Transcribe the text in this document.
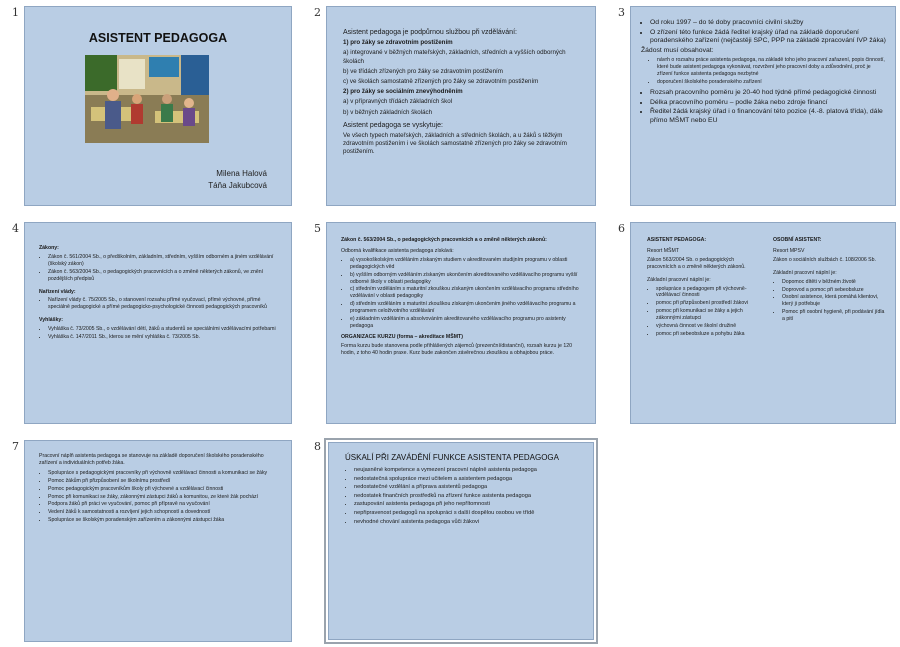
1	2	3
4	5	6
7	8
ASISTENT PEDAGOGA
Milena Halová
Táňa Jakubcová

Asistent pedagoga je podpůrnou službou při vzdělávání:

1) pro žáky se zdravotním postižením

a) integrované v běžných mateřských, základních, středních a vyšších odborných školách

b) ve třídách zřízených pro žáky se zdravotním postižením

c) ve školách samostatně zřízených pro žáky se zdravotním postižením

2) pro žáky se sociálním znevýhodněním

a) v přípravných třídách základních škol

b) v běžných základních školách

Asistent pedagoga se vyskytuje:

Ve všech typech mateřských, základních a středních školách, a u žáků s těžkým zdravotním postižením i ve školách samostatně zřízených pro žáky se zdravotním postižením.

• Od roku 1997 – do té doby pracovníci civilní služby
• O zřízení této funkce žádá ředitel krajský úřad na základě doporučení poradenského zařízení (nejčastěji SPC, PPP na základě zpracování IVP žáka)

Žádost musí obsahovat:

• návrh o rozsahu práce asistenta pedagoga, na základě toho jeho pracovní zařazení, popis činností, které bude asistent pedagoga vykonávat, rozvržení jeho pracovní doby a zdůvodnění, proč je zřízení funkce asistenta pedagoga nezbytné
• doporučení školského poradenského zařízení
• Rozsah pracovního poměru je 20-40 hod týdně přímé pedagogické činnosti
• Délka pracovního poměru – podle žáka nebo zdroje financí
• Ředitel žádá krajský úřad i o financování této pozice (4.-8. platová třída), dále přímo MŠMT nebo EU

Zákony:

• Zákon č. 561/2004 Sb., o předškolním, základním, středním, vyšším odborném a jiném vzdělávání (školský zákon)
• Zákon č. 563/2004 Sb., o pedagogických pracovnících a o změně některých zákonů, ve znění pozdějších předpisů

Nařízení vlády:

• Nařízení vlády č. 75/2005 Sb., o stanovení rozsahu přímé vyučovací, přímé výchovné, přímé speciálně pedagogické a přímé pedagogicko-psychologické činnosti pedagogických pracovníků

Vyhlášky:

• Vyhláška č. 73/2005 Sb., o vzdělávání dětí, žáků a studentů se speciálními vzdělávacími potřebami
• Vyhláška č. 147/2011 Sb., kterou se mění vyhláška č. 73/2005 Sb.

Zákon č. 563/2004 Sb., o pedagogických pracovnících a o změně některých zákonů:

Odborná kvalifikace asistenta pedagoga získává:

• a) vysokoškolským vzděláním získaným studiem v akreditovaném studijním programu v oblasti pedagogických věd
• b) vyšším odborným vzděláním získaným ukončením akreditovaného vzdělávacího programu vyšší odborné školy v oblasti pedagogiky
• c) středním vzděláním s maturitní zkouškou získaným ukončením vzdělávacího programu středního vzdělávání v oblasti pedagogiky
• d) středním vzděláním s maturitní zkouškou získaným ukončením jiného vzdělávacího programu a programem celoživotního vzdělávání
• e) základním vzděláním a absolvováním akreditovaného vzdělávacího programu pro asistenty pedagoga

ORGANIZACE KURZU (forma – akreditace MŠMT)

Forma kurzu bude stanovena podle přihlášených zájemců (prezenční/distanční), rozsah kurzu je 120 hodin, z toho 40 hodin praxe. Kurz bude zakončen závěrečnou zkouškou a obhajobou práce.

ASISTENT PEDAGOGA:

Resort MŠMT

Zákon 563/2004 Sb. o pedagogických pracovnících a o změně některých zákonů.

Základní pracovní náplní je:

• spolupráce s pedagogem při výchovně-vzdělávací činnosti
• pomoc při přizpůsobení prostředí žákovi
• pomoc při komunikaci se žáky a jejich zákonnými zástupci
• výchovná činnost ve školní družině
• pomoc při sebeobsluze a pohybu žáka

OSOBNÍ ASISTENT:

Resort MPSV

Zákon o sociálních službách č. 108/2006 Sb.

Základní pracovní náplní je:

• Dopomoc dítěti v běžném životě
• Doprovod a pomoc při sebeobsluze
• Osobní asistence, která pomáhá klientovi, který ji potřebuje
• Pomoc při osobní hygieně, při podávání jídla a pití

Pracovní náplň asistenta pedagoga se stanovuje na základě doporučení školského poradenského zařízení a individuálních potřeb žáka.

• Spolupráce s pedagogickými pracovníky při výchovně vzdělávací činnosti a komunikaci se žáky
• Pomoc žákům při přizpůsobení se školnímu prostředí
• Pomoc pedagogickým pracovníkům školy při výchovné a vzdělávací činnosti
• Pomoc při komunikaci se žáky, zákonnými zástupci žáků a komunitou, ze které žák pochází
• Podpora žáků při práci ve vyučování, pomoc při přípravě na vyučování
• Vedení žáků k samostatnosti a rozvíjení jejich schopností a dovedností
• Spolupráce se školským poradenským zařízením a zákonnými zástupci žáka
ÚSKALÍ PŘI ZAVÁDĚNÍ FUNKCE ASISTENTA PEDAGOGA
• neujasněné kompetence a vymezení pracovní náplně asistenta pedagoga
• nedostatečná spolupráce mezi učitelem a asistentem pedagoga
• nedostatečné vzdělání a příprava asistentů pedagoga
• nedostatek finančních prostředků na zřízení funkce asistenta pedagoga
• zastupování asistenta pedagoga při jeho nepřítomnosti
• nepřipravenost pedagogů na spolupráci s další dospělou osobou ve třídě
• nevhodné chování asistenta pedagoga vůči žákovi
